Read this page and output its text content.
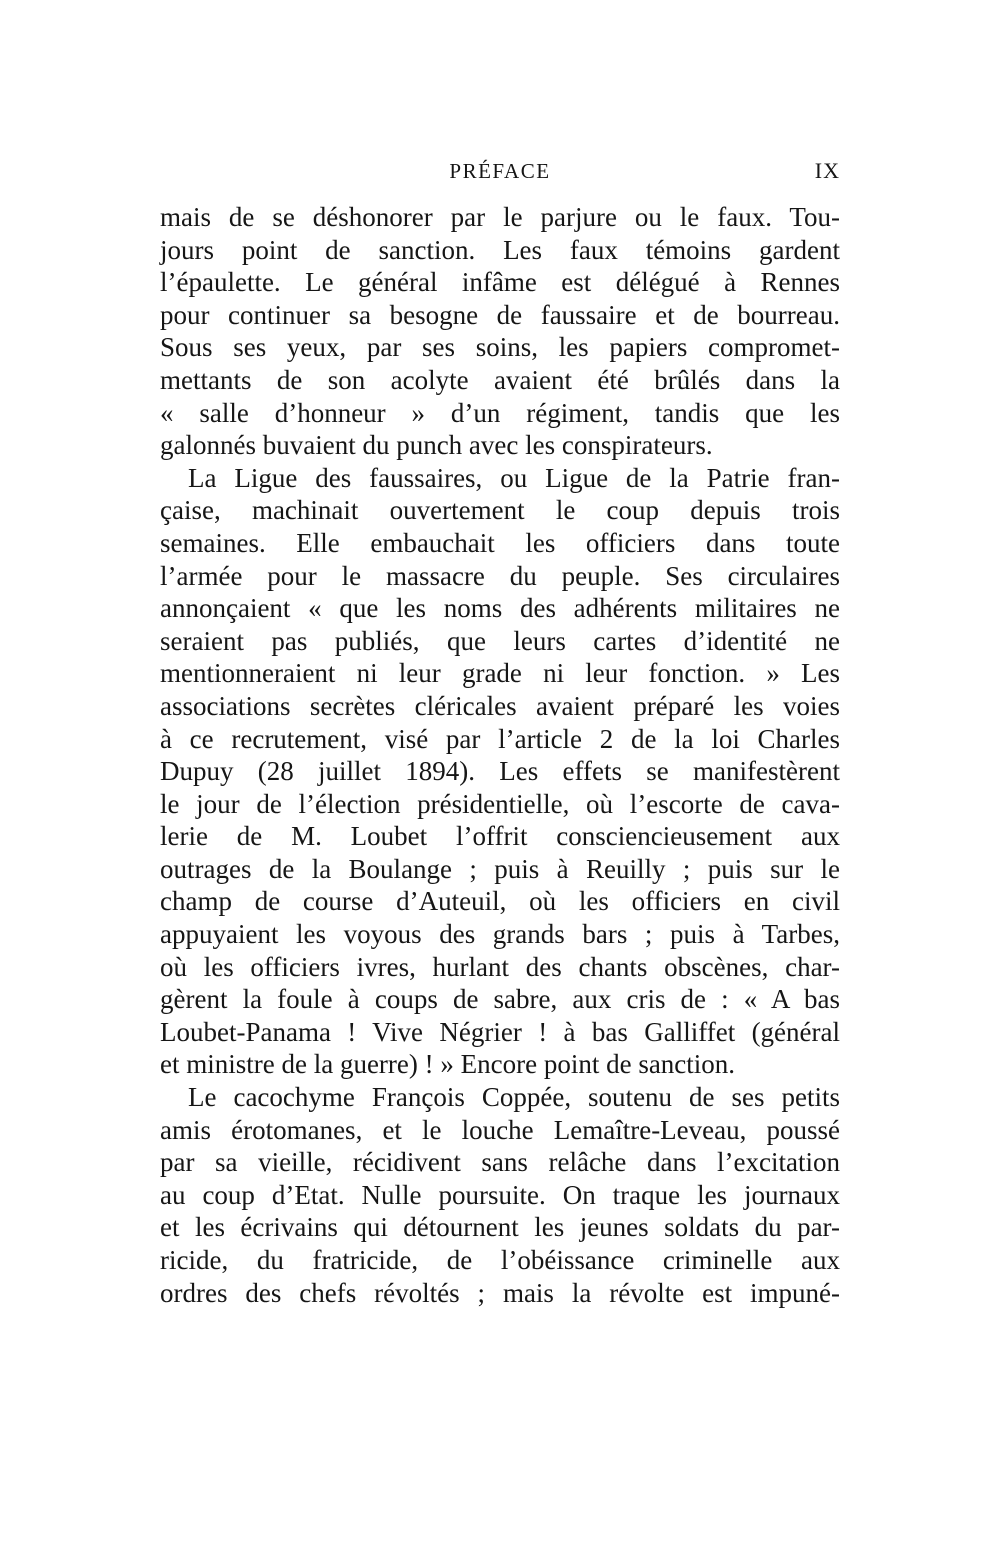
PRÉFACE	IX
mais de se déshonorer par le parjure ou le faux. Tou-
jours point de sanction. Les faux témoins gardent
l’épaulette. Le général infâme est délégué à Rennes
pour continuer sa besogne de faussaire et de bourreau.
Sous ses yeux, par ses soins, les papiers compromet-
mettants de son acolyte avaient été brûlés dans la
« salle d’honneur » d’un régiment, tandis que les
galonnés buvaient du punch avec les conspirateurs.
La Ligue des faussaires, ou Ligue de la Patrie fran-
çaise, machinait ouvertement le coup depuis trois
semaines. Elle embauchait les officiers dans toute
l’armée pour le massacre du peuple. Ses circulaires
annonçaient « que les noms des adhérents militaires ne
seraient pas publiés, que leurs cartes d’identité ne
mentionneraient ni leur grade ni leur fonction. » Les
associations secrètes cléricales avaient préparé les voies
à ce recrutement, visé par l’article 2 de la loi Charles
Dupuy (28 juillet 1894). Les effets se manifestèrent
le jour de l’élection présidentielle, où l’escorte de cava-
lerie de M. Loubet l’offrit consciencieusement aux
outrages de la Boulange ; puis à Reuilly ; puis sur le
champ de course d’Auteuil, où les officiers en civil
appuyaient les voyous des grands bars ; puis à Tarbes,
où les officiers ivres, hurlant des chants obscènes, char-
gèrent la foule à coups de sabre, aux cris de : « A bas
Loubet-Panama ! Vive Négrier ! à bas Galliffet (général
et ministre de la guerre) ! » Encore point de sanction.
Le cacochyme François Coppée, soutenu de ses petits
amis érotomanes, et le louche Lemaître-Leveau, poussé
par sa vieille, récidivent sans relâche dans l’excitation
au coup d’Etat. Nulle poursuite. On traque les journaux
et les écrivains qui détournent les jeunes soldats du par-
ricide, du fratricide, de l’obéissance criminelle aux
ordres des chefs révoltés ; mais la révolte est impuné-
